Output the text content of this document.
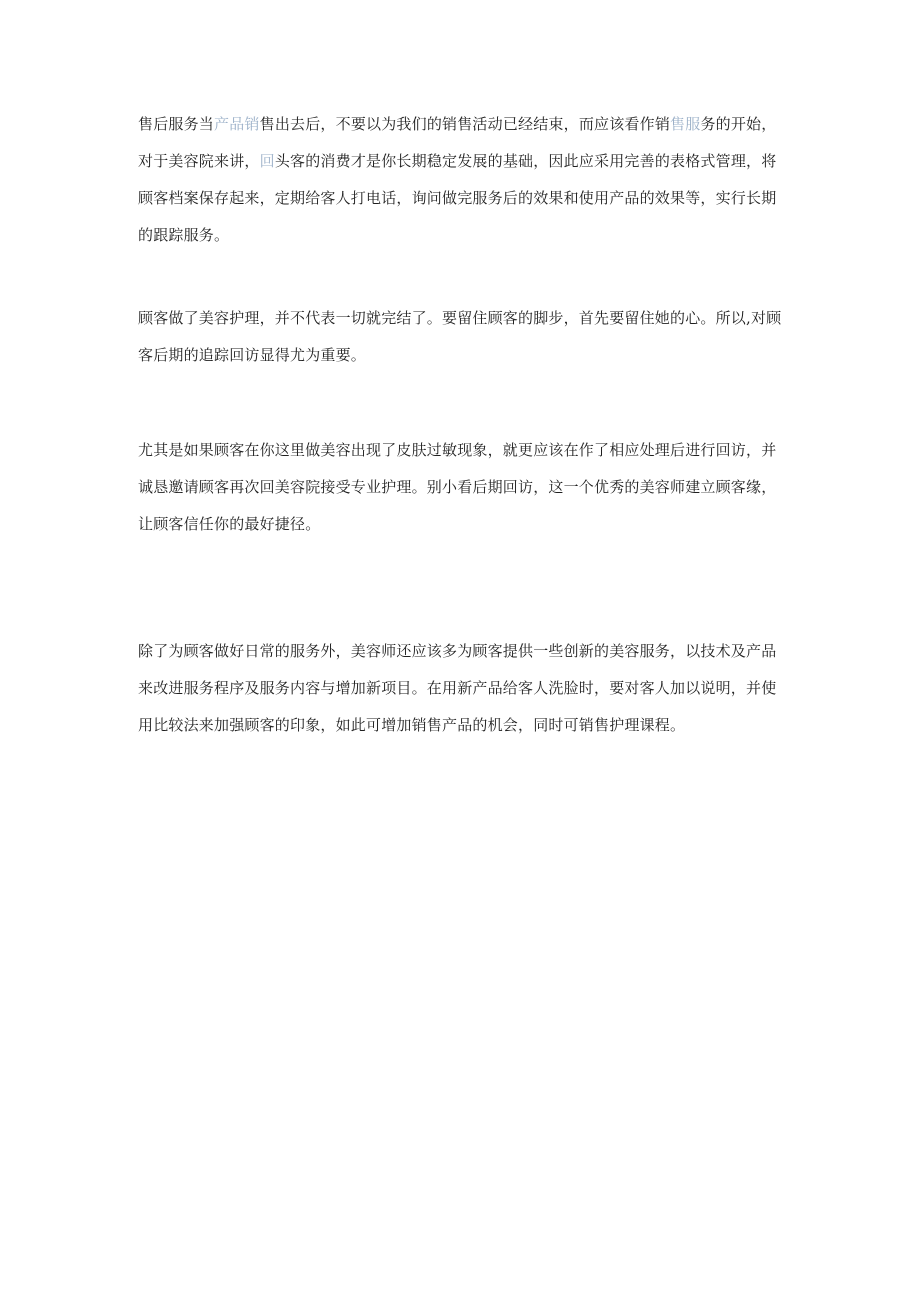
售后服务当产品销售出去后，不要以为我们的销售活动已经结束，而应该看作销售服务的开始，对于美容院来讲，回头客的消费才是你长期稳定发展的基础，因此应采用完善的表格式管理，将顾客档案保存起来，定期给客人打电话，询问做完服务后的效果和使用产品的效果等，实行长期的跟踪服务。

顾客做了美容护理，并不代表一切就完结了。要留住顾客的脚步，首先要留住她的心。所以,对顾客后期的追踪回访显得尤为重要。

尤其是如果顾客在你这里做美容出现了皮肤过敏现象，就更应该在作了相应处理后进行回访，并诚恳邀请顾客再次回美容院接受专业护理。别小看后期回访，这一个优秀的美容师建立顾客缘，让顾客信任你的最好捷径。

除了为顾客做好日常的服务外，美容师还应该多为顾客提供一些创新的美容服务，以技术及产品来改进服务程序及服务内容与增加新项目。在用新产品给客人洗脸时，要对客人加以说明，并使用比较法来加强顾客的印象，如此可增加销售产品的机会，同时可销售护理课程。
